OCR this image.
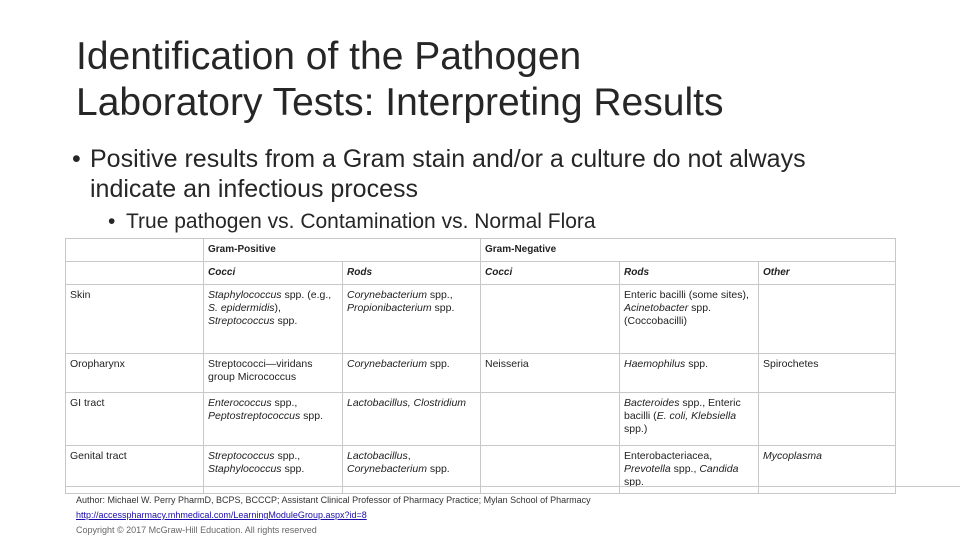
Identification of the Pathogen
Laboratory Tests: Interpreting Results
• Positive results from a Gram stain and/or a culture do not always indicate an infectious process
• True pathogen vs. Contamination vs. Normal Flora
	Gram-Positive		Gram-Negative		
	Cocci	Rods	Cocci	Rods	Other
Skin	Staphylococcus spp. (e.g., S. epidermidis), Streptococcus spp.	Corynebacterium spp., Propionibacterium spp.		Enteric bacilli (some sites), Acinetobacter spp. (Coccobacilli)	
Oropharynx	Streptococci—viridans group Micrococcus	Corynebacterium spp.	Neisseria	Haemophilus spp.	Spirochetes
GI tract	Enterococcus spp., Peptostreptococcus spp.	Lactobacillus, Clostridium		Bacteroides spp., Enteric bacilli (E. coli, Klebsiella spp.)	
Genital tract	Streptococcus spp., Staphylococcus spp.	Lactobacillus, Corynebacterium spp.		Enterobacteriacea, Prevotella spp., Candida spp.	Mycoplasma
Author: Michael W. Perry PharmD, BCPS, BCCCP; Assistant Clinical Professor of Pharmacy Practice; Mylan School of Pharmacy
http://accesspharmacy.mhmedical.com/LearningModuleGroup.aspx?id=8
Copyright © 2017 McGraw-Hill Education. All rights reserved
